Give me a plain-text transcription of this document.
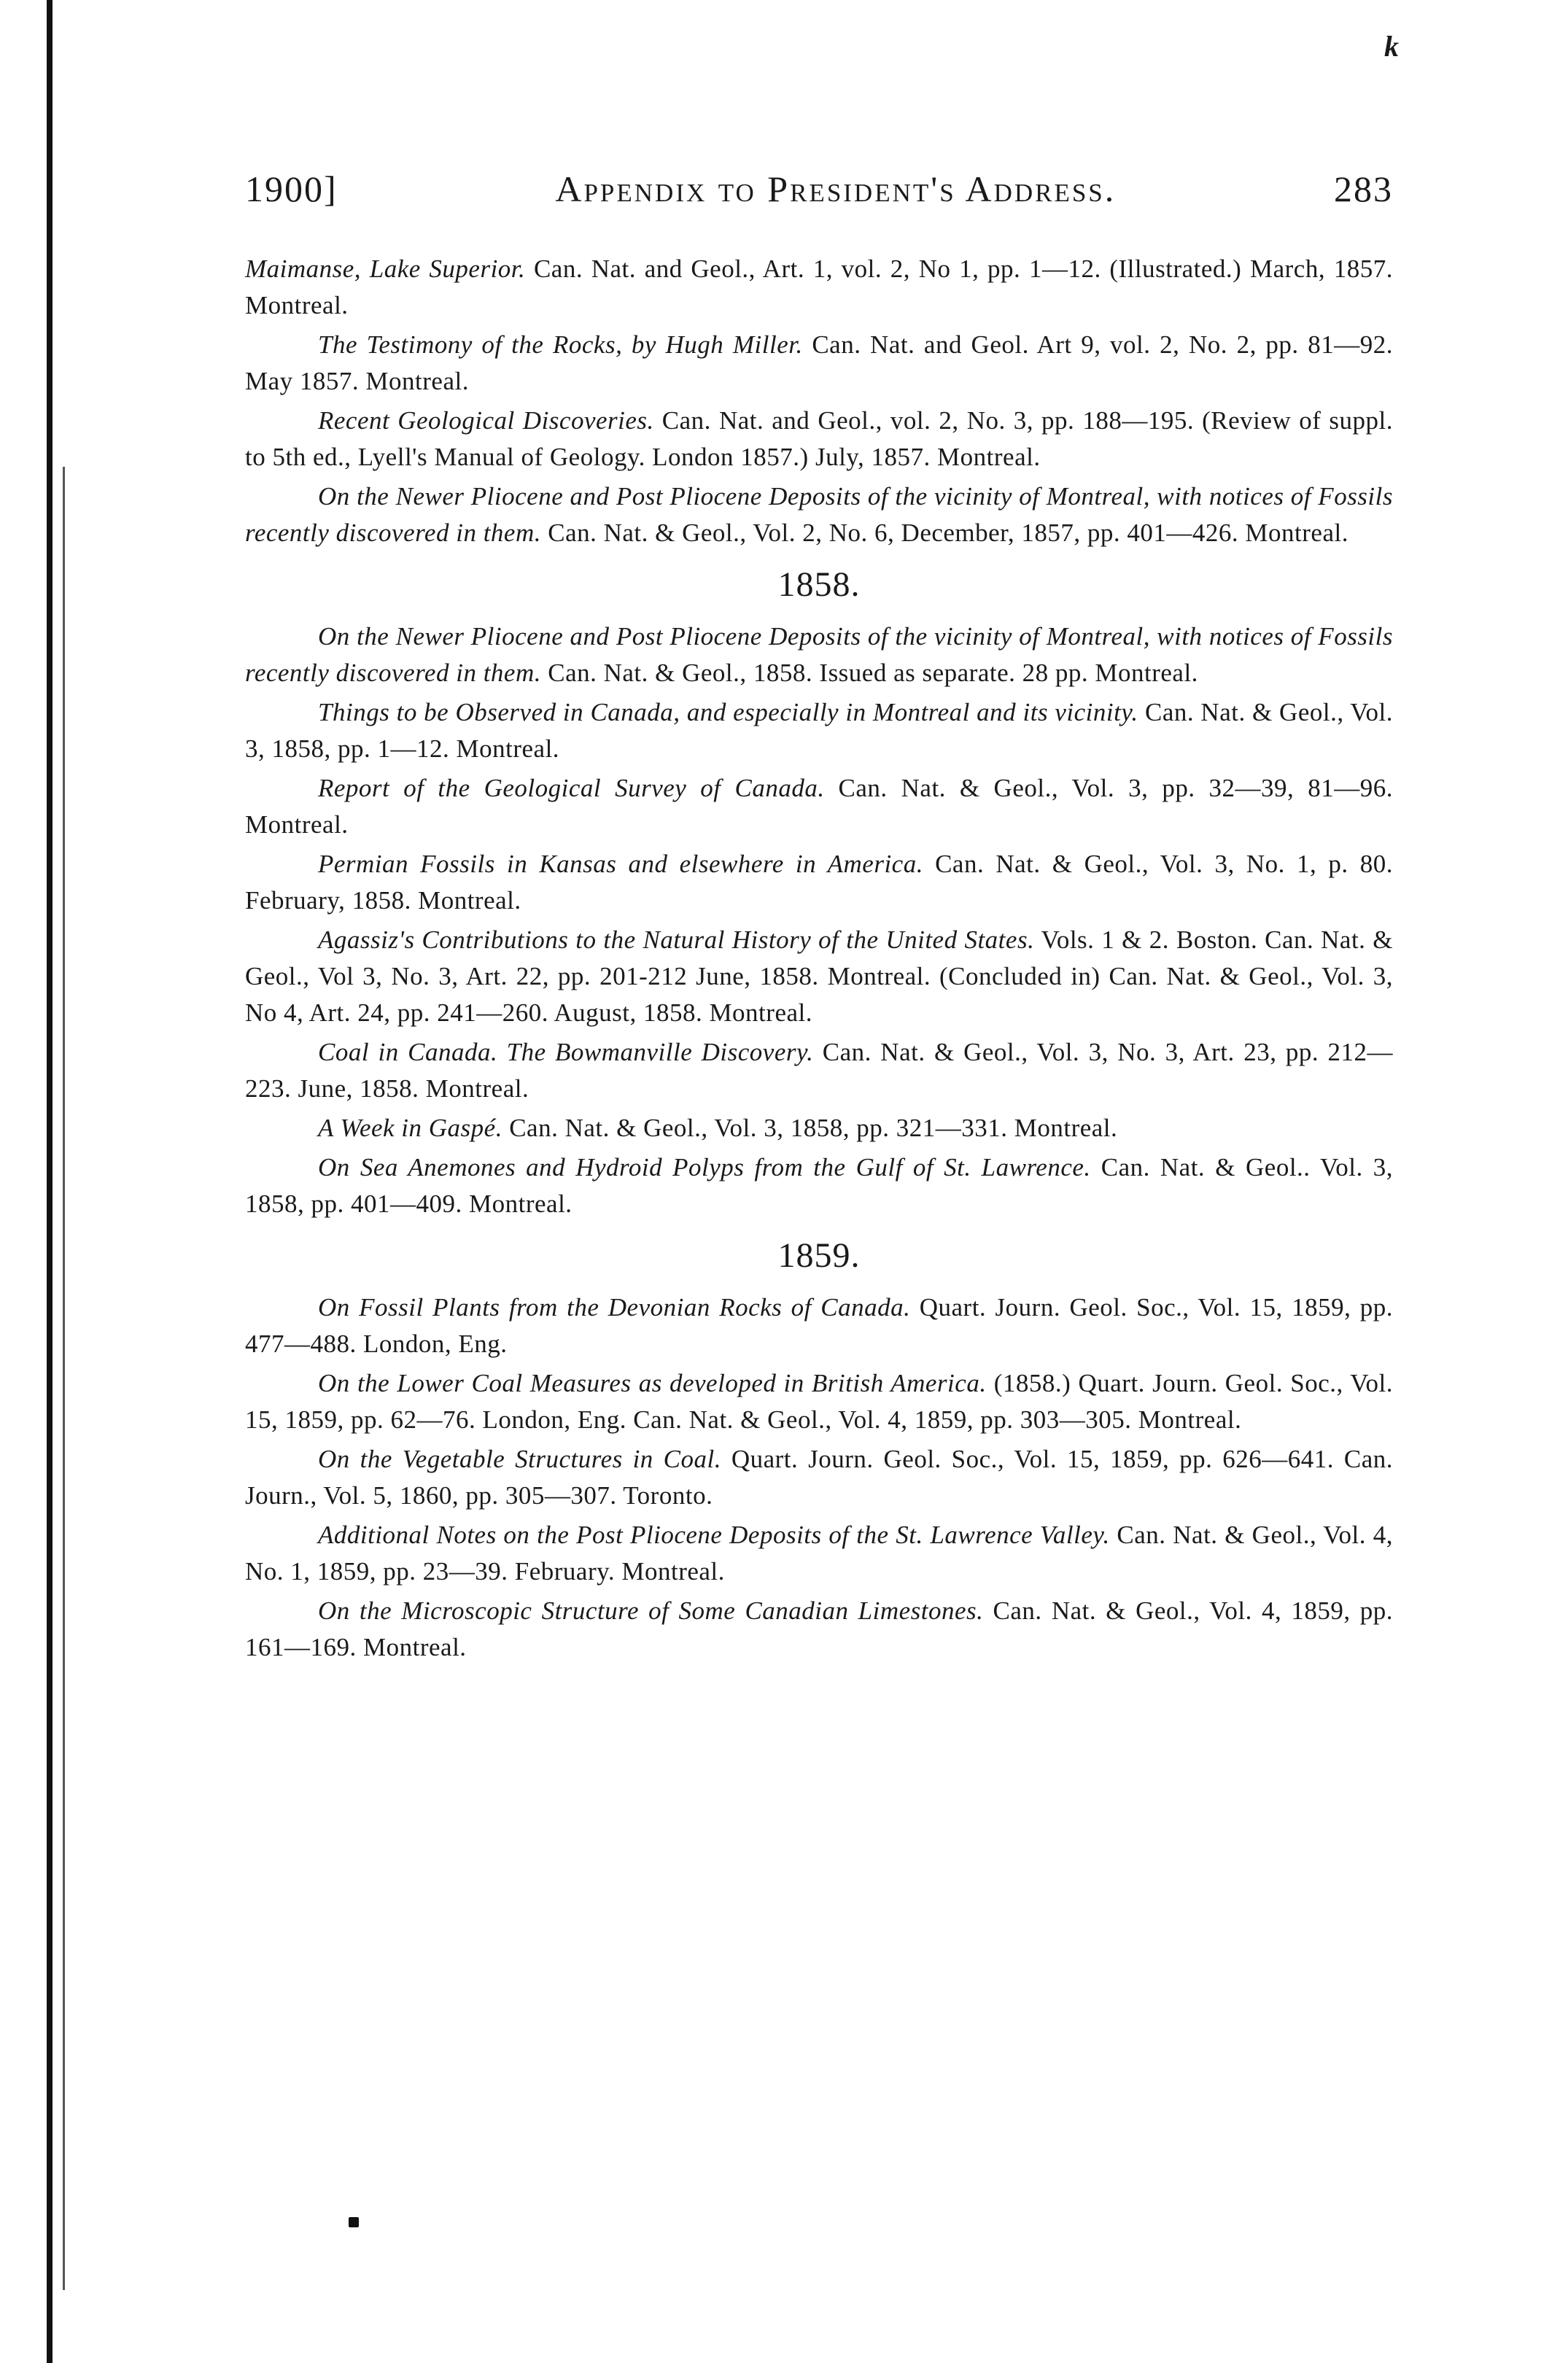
k
1900]	Appendix to President's Address.	283

Maimanse, Lake Superior. Can. Nat. and Geol., Art. 1, vol. 2, No 1, pp. 1—12. (Illustrated.) March, 1857. Montreal.

The Testimony of the Rocks, by Hugh Miller. Can. Nat. and Geol. Art 9, vol. 2, No. 2, pp. 81—92. May 1857. Montreal.

Recent Geological Discoveries. Can. Nat. and Geol., vol. 2, No. 3, pp. 188—195. (Review of suppl. to 5th ed., Lyell's Manual of Geology. London 1857.) July, 1857. Montreal.

On the Newer Pliocene and Post Pliocene Deposits of the vicinity of Montreal, with notices of Fossils recently discovered in them. Can. Nat. & Geol., Vol. 2, No. 6, December, 1857, pp. 401—426. Montreal.

1858.

On the Newer Pliocene and Post Pliocene Deposits of the vicinity of Montreal, with notices of Fossils recently discovered in them. Can. Nat. & Geol., 1858. Issued as separate. 28 pp. Montreal.

Things to be Observed in Canada, and especially in Montreal and its vicinity. Can. Nat. & Geol., Vol. 3, 1858, pp. 1—12. Montreal.

Report of the Geological Survey of Canada. Can. Nat. & Geol., Vol. 3, pp. 32—39, 81—96. Montreal.

Permian Fossils in Kansas and elsewhere in America. Can. Nat. & Geol., Vol. 3, No. 1, p. 80. February, 1858. Montreal.

Agassiz's Contributions to the Natural History of the United States. Vols. 1 & 2. Boston. Can. Nat. & Geol., Vol 3, No. 3, Art. 22, pp. 201-212 June, 1858. Montreal. (Concluded in) Can. Nat. & Geol., Vol. 3, No 4, Art. 24, pp. 241—260. August, 1858. Montreal.

Coal in Canada. The Bowmanville Discovery. Can. Nat. & Geol., Vol. 3, No. 3, Art. 23, pp. 212—223. June, 1858. Montreal.

A Week in Gaspé. Can. Nat. & Geol., Vol. 3, 1858, pp. 321—331. Montreal.

On Sea Anemones and Hydroid Polyps from the Gulf of St. Lawrence. Can. Nat. & Geol.. Vol. 3, 1858, pp. 401—409. Montreal.

1859.

On Fossil Plants from the Devonian Rocks of Canada. Quart. Journ. Geol. Soc., Vol. 15, 1859, pp. 477—488. London, Eng.

On the Lower Coal Measures as developed in British America. (1858.) Quart. Journ. Geol. Soc., Vol. 15, 1859, pp. 62—76. London, Eng. Can. Nat. & Geol., Vol. 4, 1859, pp. 303—305. Montreal.

On the Vegetable Structures in Coal. Quart. Journ. Geol. Soc., Vol. 15, 1859, pp. 626—641. Can. Journ., Vol. 5, 1860, pp. 305—307. Toronto.

Additional Notes on the Post Pliocene Deposits of the St. Lawrence Valley. Can. Nat. & Geol., Vol. 4, No. 1, 1859, pp. 23—39. February. Montreal.

On the Microscopic Structure of Some Canadian Limestones. Can. Nat. & Geol., Vol. 4, 1859, pp. 161—169. Montreal.
